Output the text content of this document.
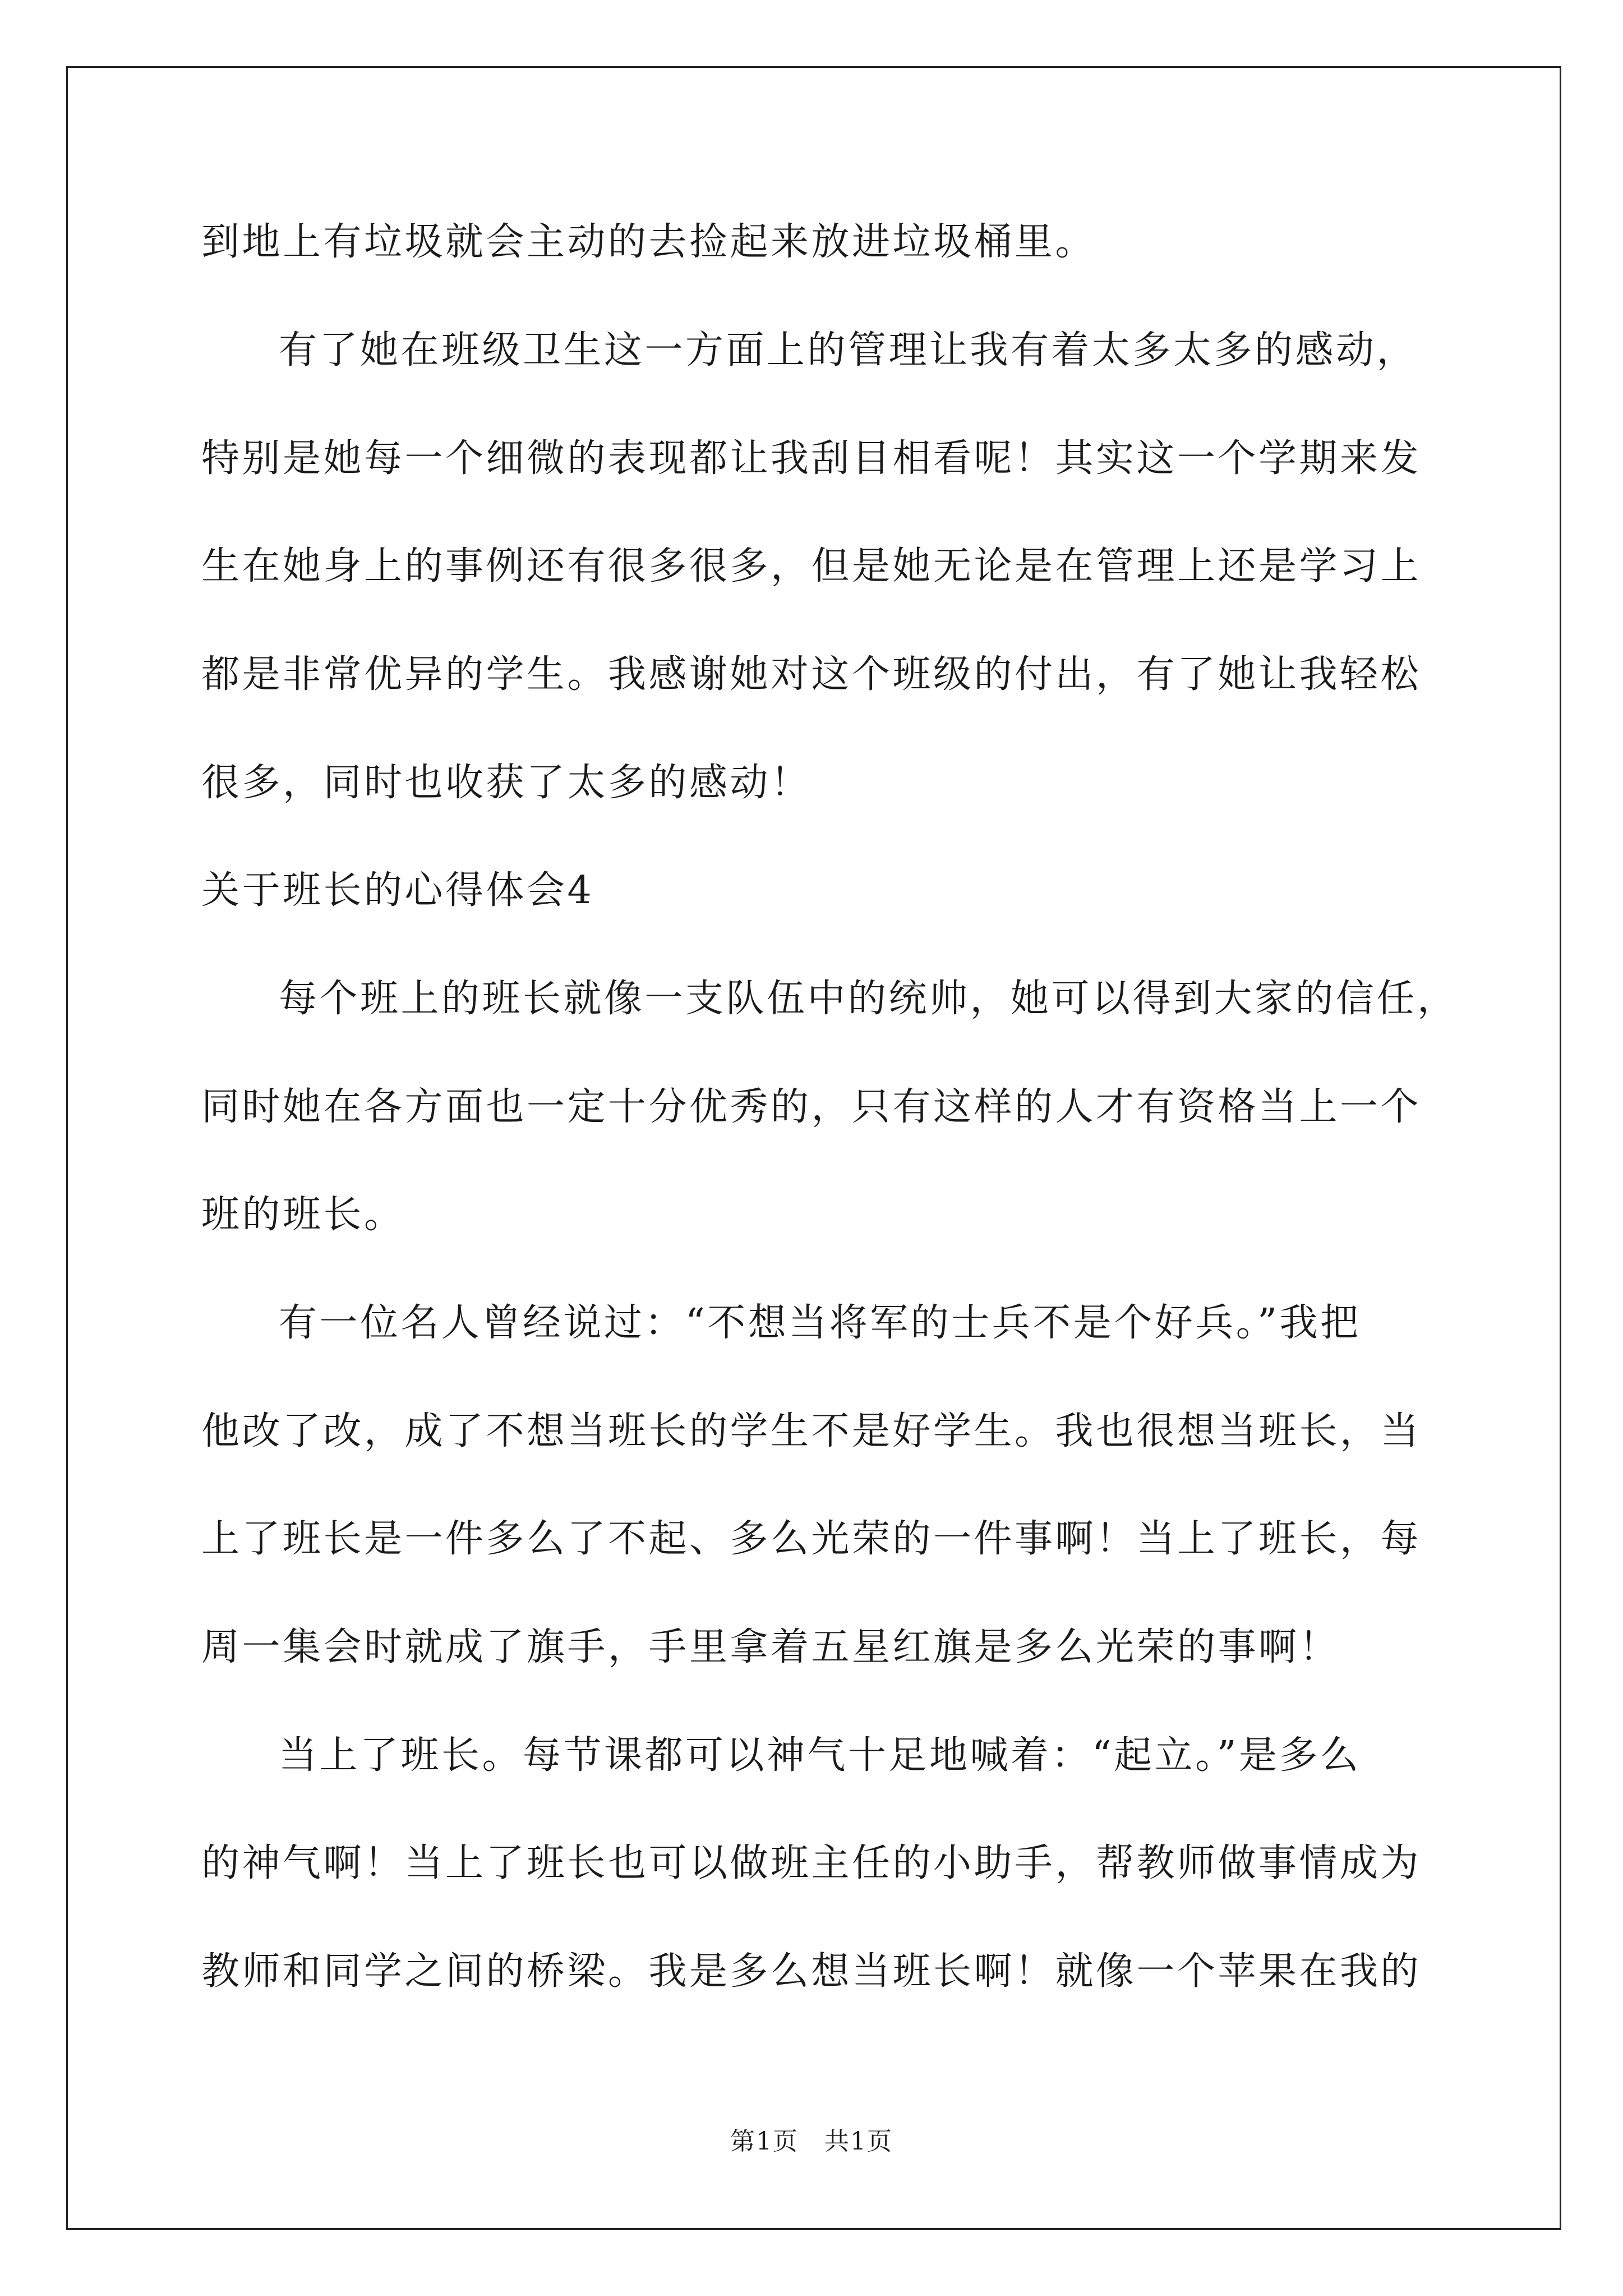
到地上有垃圾就会主动的去捡起来放进垃圾桶里。
有了她在班级卫生这一方面上的管理让我有着太多太多的感动，
特别是她每一个细微的表现都让我刮目相看呢！其实这一个学期来发
生在她身上的事例还有很多很多，但是她无论是在管理上还是学习上
都是非常优异的学生。我感谢她对这个班级的付出，有了她让我轻松
很多，同时也收获了太多的感动！
关于班长的心得体会4
每个班上的班长就像一支队伍中的统帅，她可以得到大家的信任，
同时她在各方面也一定十分优秀的，只有这样的人才有资格当上一个
班的班长。
有一位名人曾经说过：“不想当将军的士兵不是个好兵。”我把
他改了改，成了不想当班长的学生不是好学生。我也很想当班长，当
上了班长是一件多么了不起、多么光荣的一件事啊！当上了班长，每
周一集会时就成了旗手，手里拿着五星红旗是多么光荣的事啊！
当上了班长。每节课都可以神气十足地喊着：“起立。”是多么
的神气啊！当上了班长也可以做班主任的小助手，帮教师做事情成为
教师和同学之间的桥梁。我是多么想当班长啊！就像一个苹果在我的
第1页　共1页
